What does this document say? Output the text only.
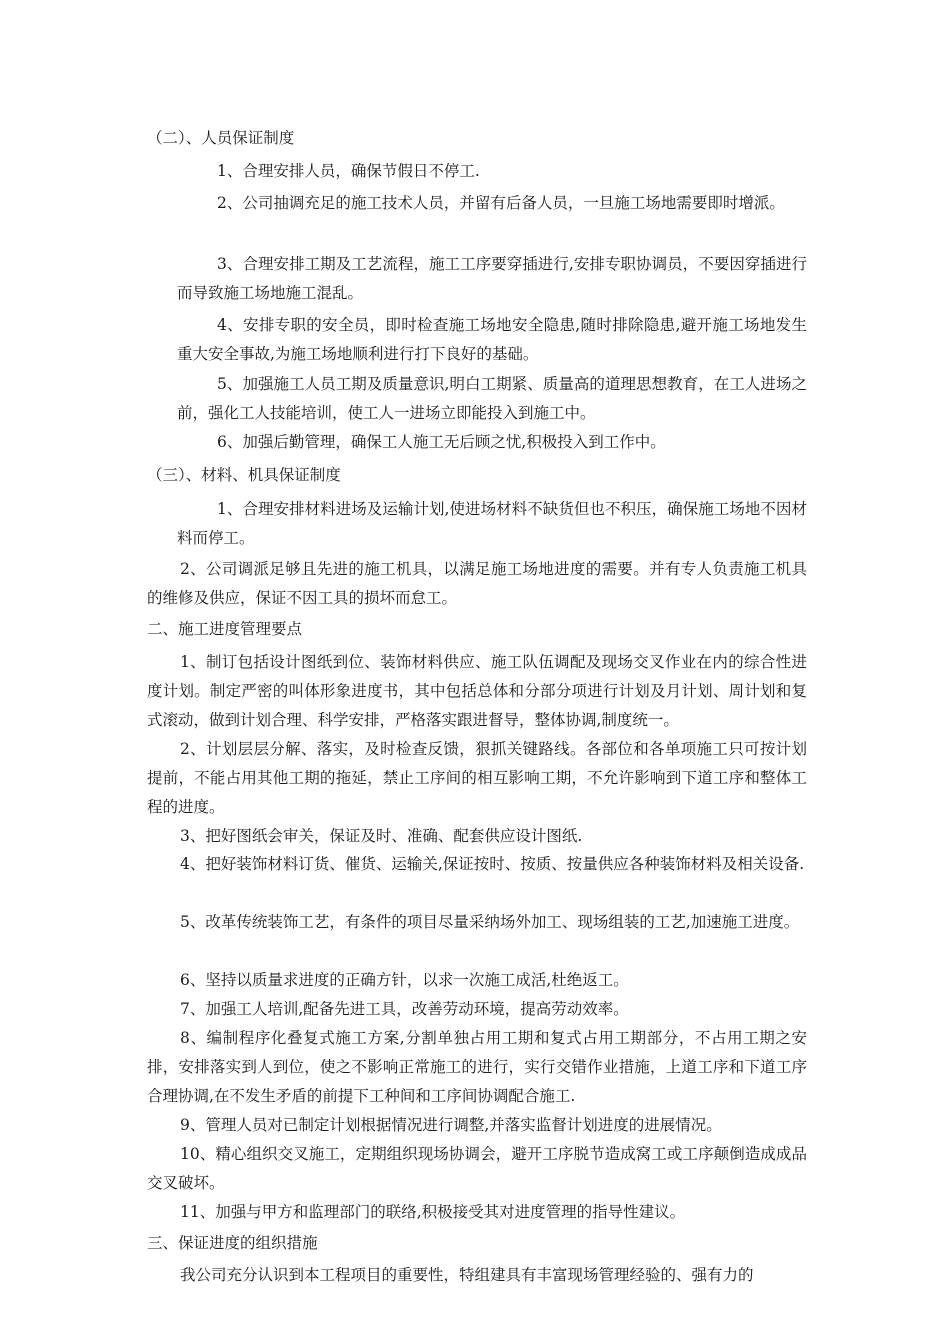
（二）、人员保证制度
1、合理安排人员，确保节假日不停工.
2、公司抽调充足的施工技术人员，并留有后备人员，一旦施工场地需要即时增派。
3、合理安排工期及工艺流程，施工工序要穿插进行,安排专职协调员，不要因穿插进行而导致施工场地施工混乱。
4、安排专职的安全员，即时检查施工场地安全隐患,随时排除隐患,避开施工场地发生重大安全事故,为施工场地顺利进行打下良好的基础。
5、加强施工人员工期及质量意识,明白工期紧、质量高的道理思想教育，在工人进场之前，强化工人技能培训，使工人一进场立即能投入到施工中。
6、加强后勤管理，确保工人施工无后顾之忧,积极投入到工作中。
（三）、材料、机具保证制度
1、合理安排材料进场及运输计划,使进场材料不缺货但也不积压，确保施工场地不因材料而停工。
2、公司调派足够且先进的施工机具，以满足施工场地进度的需要。并有专人负责施工机具的维修及供应，保证不因工具的损坏而怠工。
二、施工进度管理要点
1、制订包括设计图纸到位、装饰材料供应、施工队伍调配及现场交叉作业在内的综合性进度计划。制定严密的叫体形象进度书，其中包括总体和分部分项进行计划及月计划、周计划和复式滚动，做到计划合理、科学安排，严格落实跟进督导，整体协调,制度统一。
2、计划层层分解、落实，及时检查反馈，狠抓关键路线。各部位和各单项施工只可按计划提前，不能占用其他工期的拖延，禁止工序间的相互影响工期，不允许影响到下道工序和整体工程的进度。
3、把好图纸会审关，保证及时、准确、配套供应设计图纸.
4、把好装饰材料订货、催货、运输关,保证按时、按质、按量供应各种装饰材料及相关设备.
5、改革传统装饰工艺，有条件的项目尽量采纳场外加工、现场组装的工艺,加速施工进度。
6、坚持以质量求进度的正确方针，以求一次施工成活,杜绝返工。
7、加强工人培训,配备先进工具，改善劳动环境，提高劳动效率。
8、编制程序化叠复式施工方案,分割单独占用工期和复式占用工期部分，不占用工期之安排，安排落实到人到位，使之不影响正常施工的进行，实行交错作业措施，上道工序和下道工序合理协调,在不发生矛盾的前提下工种间和工序间协调配合施工.
9、管理人员对已制定计划根据情况进行调整,并落实监督计划进度的进展情况。
10、精心组织交叉施工，定期组织现场协调会，避开工序脱节造成窝工或工序颠倒造成成品交叉破坏。
11、加强与甲方和监理部门的联络,积极接受其对进度管理的指导性建议。
三、保证进度的组织措施
我公司充分认识到本工程项目的重要性，特组建具有丰富现场管理经验的、强有力的
